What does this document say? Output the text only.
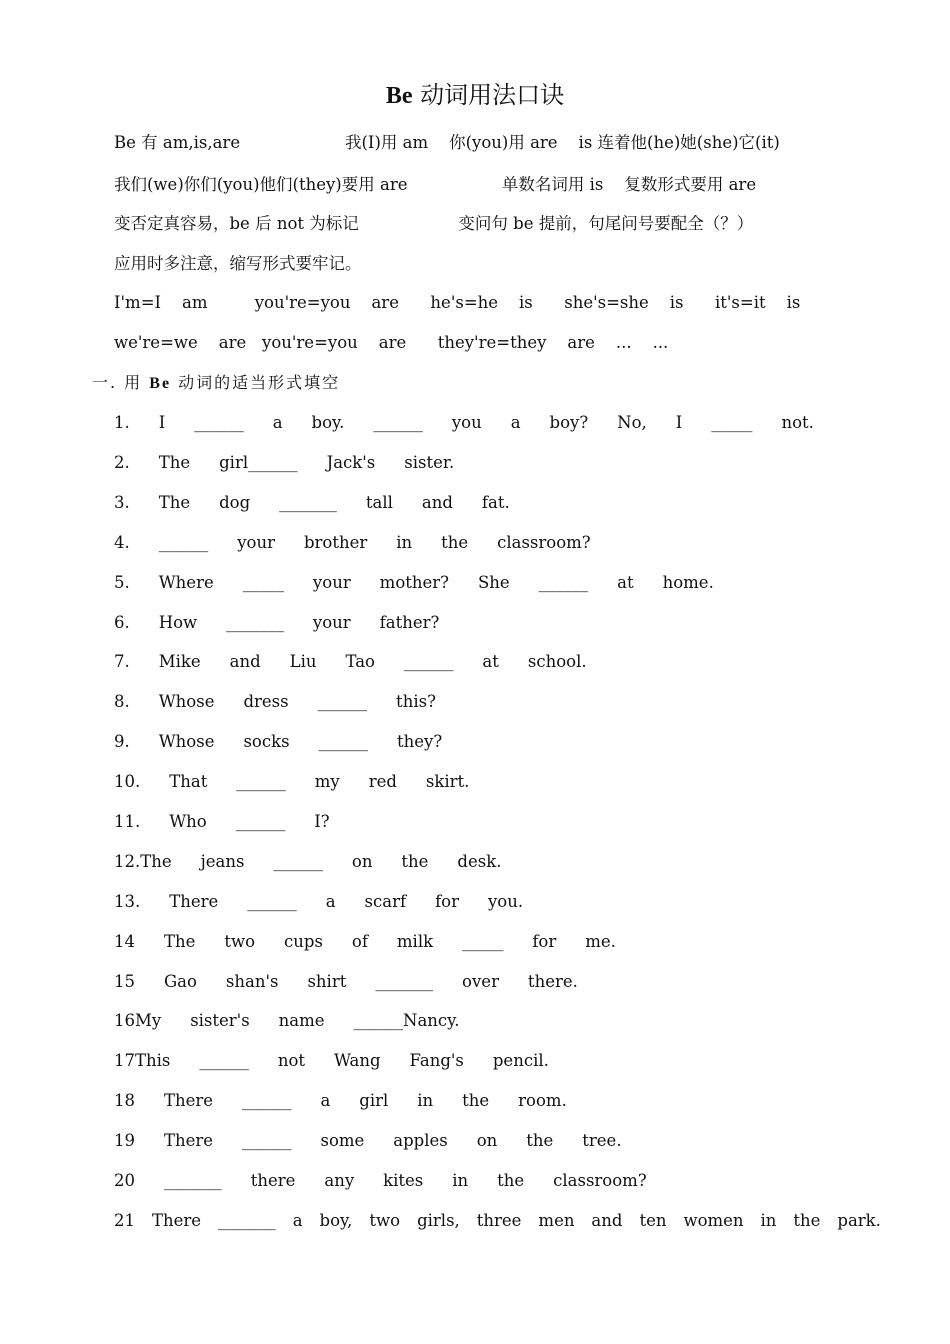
Be 动词用法口诀
Be 有 am,is,are                    我(I)用 am    你(you)用 are    is 连着他(he)她(she)它(it)
我们(we)你们(you)他们(they)要用 are                  单数名词用 is    复数形式要用 are
变否定真容易，be 后 not 为标记                   变问句 be 提前，句尾问号要配全（？）
应用时多注意，缩写形式要牢记。
I'm=I    am         you're=you    are      he's=he    is      she's=she    is      it's=it    is
we're=we    are   you're=you    are      they're=they    are    ...    ...
一. 用 Be 动词的适当形式填空
1.    I    ______    a    boy.    ______    you    a    boy?    No,    I    _____    not.
2.    The    girl______    Jack's    sister.
3.    The    dog    _______    tall    and    fat.
4.    ______    your    brother    in    the    classroom?
5.    Where    _____    your    mother?    She    ______    at    home.
6.    How    _______    your    father?
7.    Mike    and    Liu    Tao    ______    at    school.
8.    Whose    dress    ______    this?
9.    Whose    socks    ______    they?
10.    That    ______    my    red    skirt.
11.    Who    ______    I?
12.The    jeans    ______    on    the    desk.
13.    There    ______    a    scarf    for    you.
14    The    two    cups    of    milk    _____    for    me.
15    Gao    shan's    shirt    _______    over    there.
16My    sister's    name    ______Nancy.
17This    ______    not    Wang    Fang's    pencil.
18    There    ______    a    girl    in    the    room.
19    There    ______    some    apples    on    the    tree.
20    _______    there    any    kites    in    the    classroom?
21    There    _______    a    boy,    two    girls,    three    men    and    ten    women    in    the    park.
